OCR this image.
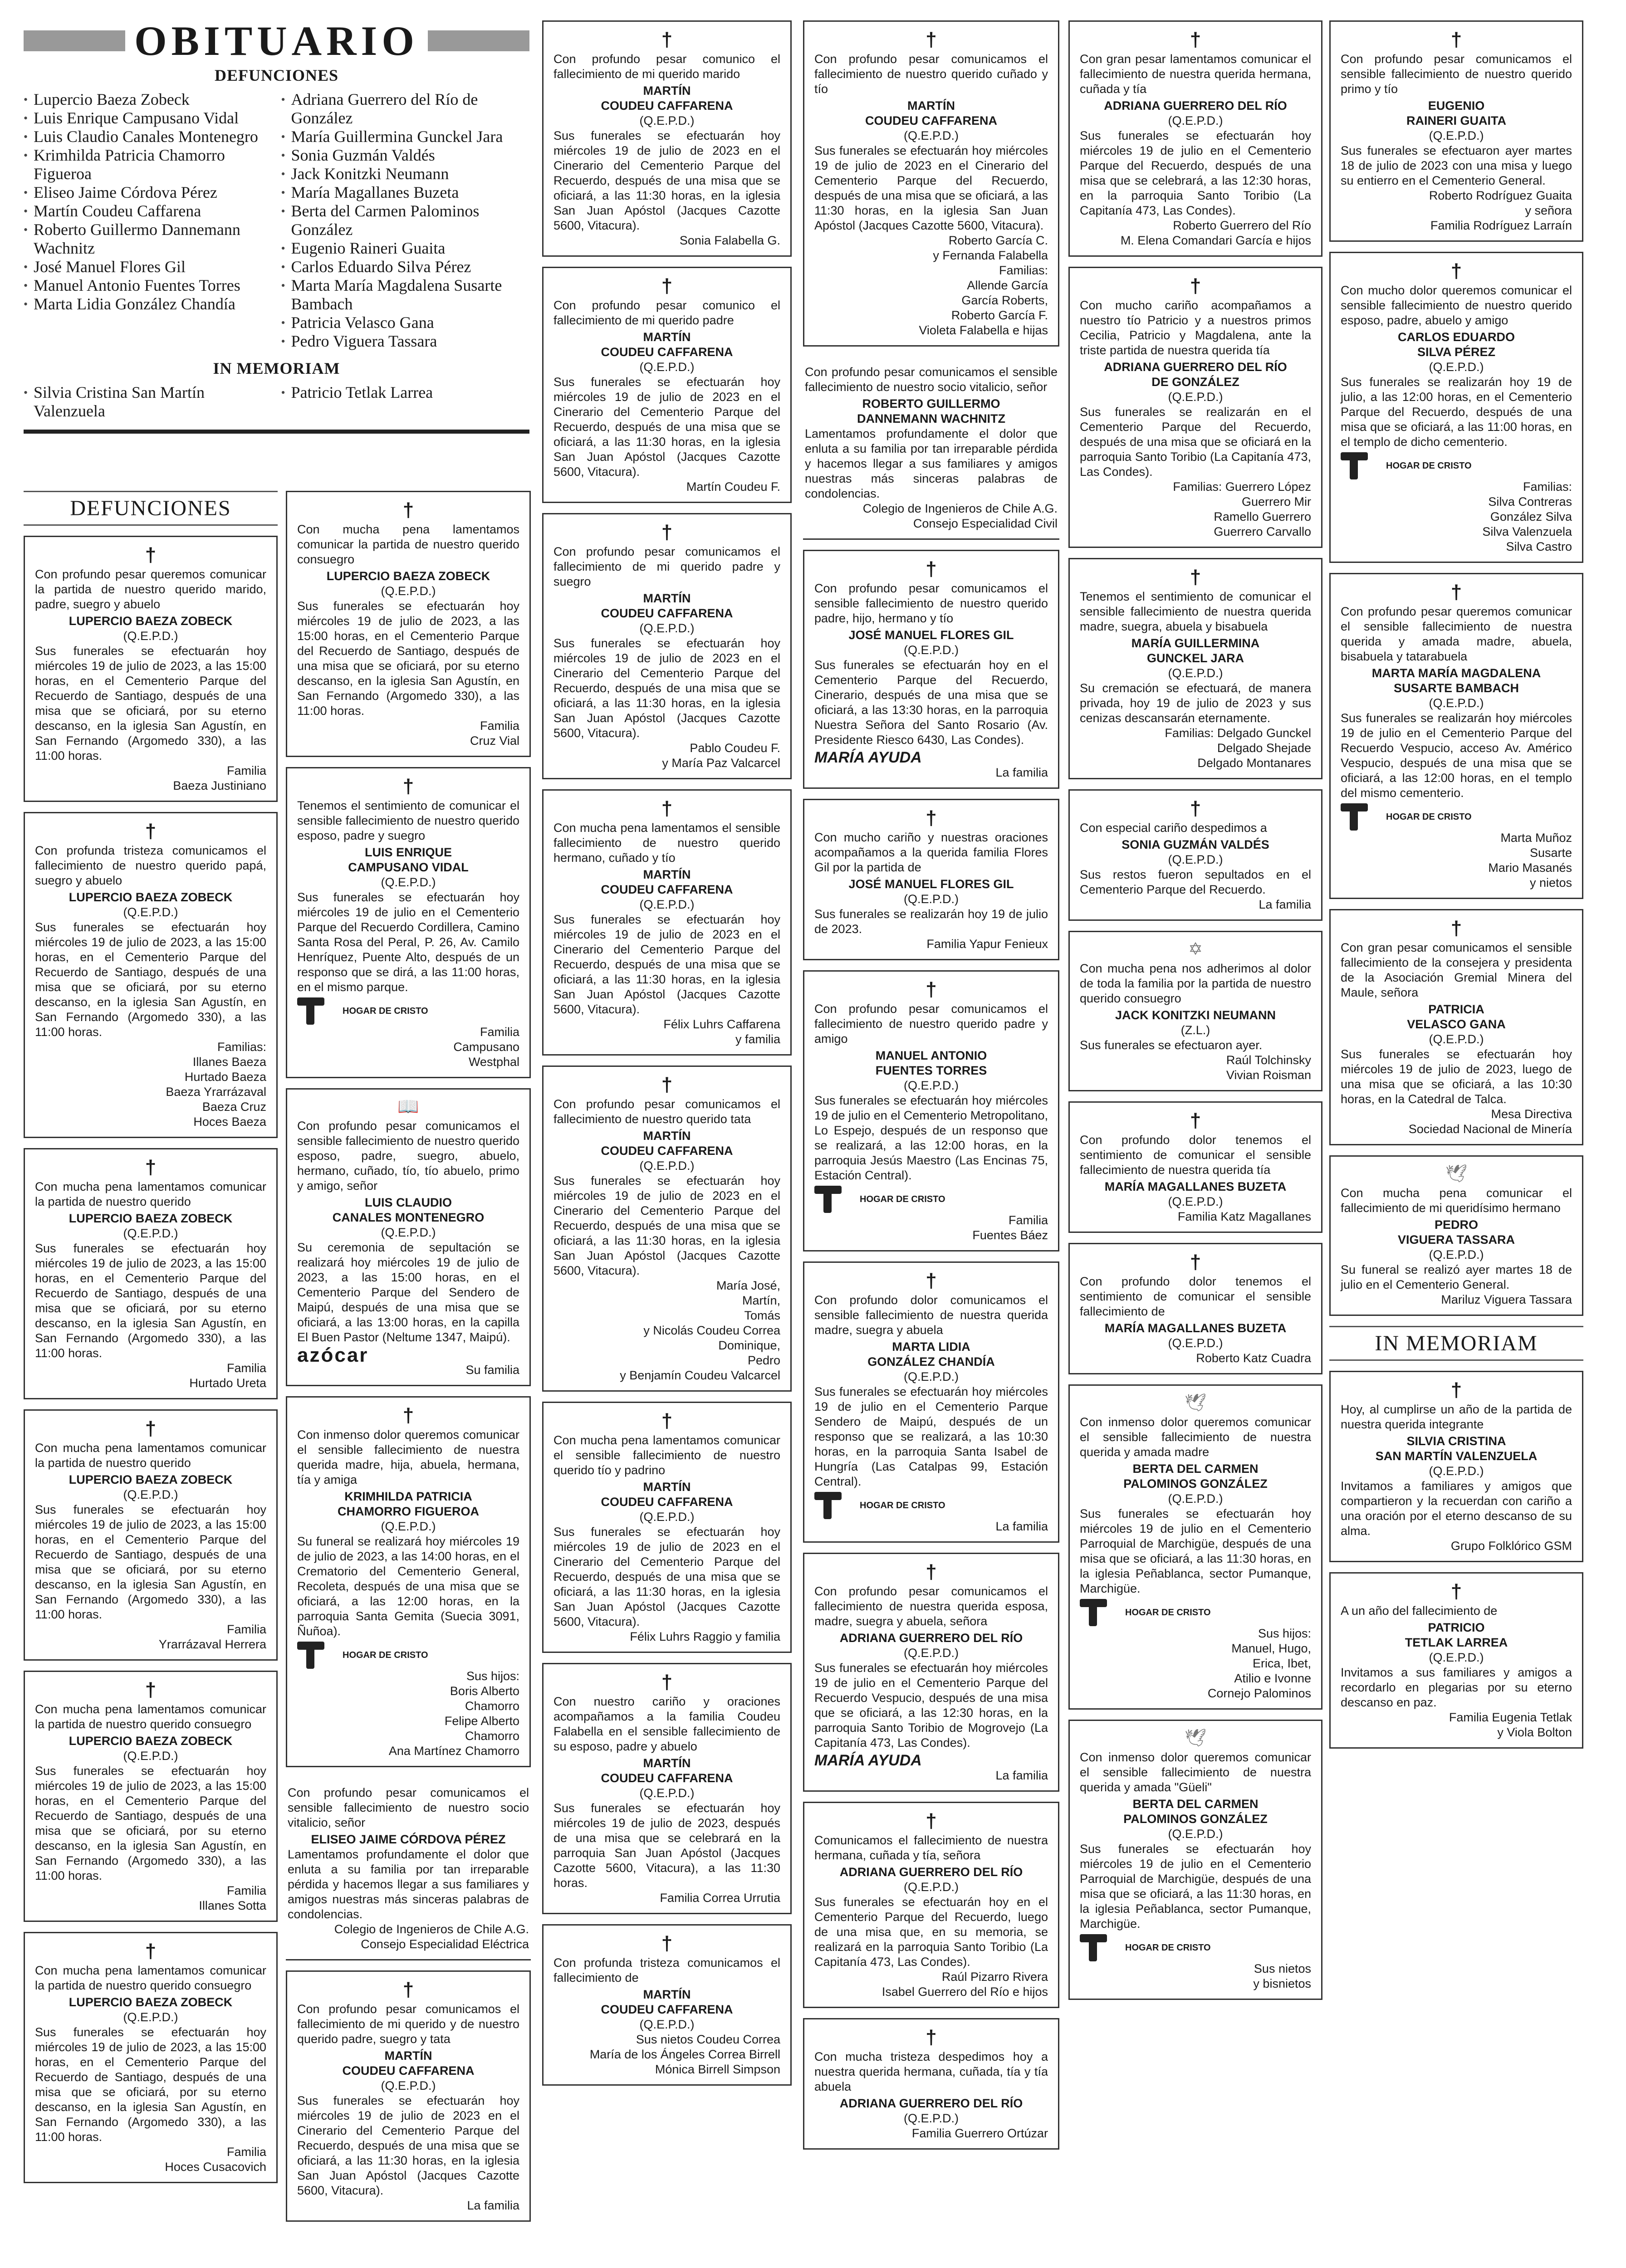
OBITUARIO
DEFUNCIONES
• Lupercio Baeza Zobeck
• Luis Enrique Campusano Vidal
• Luis Claudio Canales Montenegro
• Krimhilda Patricia Chamorro Figueroa
• Eliseo Jaime Córdova Pérez
• Martín Coudeu Caffarena
• Roberto Guillermo Dannemann Wachnitz
• José Manuel Flores Gil
• Manuel Antonio Fuentes Torres
• Marta Lidia González Chandía
• Adriana Guerrero del Río de González
• María Guillermina Gunckel Jara
• Sonia Guzmán Valdés
• Jack Konitzki Neumann
• María Magallanes Buzeta
• Berta del Carmen Palominos González
• Eugenio Raineri Guaita
• Carlos Eduardo Silva Pérez
• Marta María Magdalena Susarte Bambach
• Patricia Velasco Gana
• Pedro Viguera Tassara
IN MEMORIAM
• Silvia Cristina San Martín Valenzuela
• Patricio Tetlak Larrea
DEFUNCIONES
†
Con profundo pesar queremos comunicar la partida de nuestro querido marido, padre, suegro y abuelo
LUPERCIO BAEZA ZOBECK
(Q.E.P.D.)
Sus funerales se efectuarán hoy miércoles 19 de julio de 2023, a las 15:00 horas, en el Cementerio Parque del Recuerdo de Santiago, después de una misa que se oficiará, por su eterno descanso, en la iglesia San Agustín, en San Fernando (Argomedo 330), a las 11:00 horas.
Familia
Baeza Justiniano
†
Con profunda tristeza comunicamos el fallecimiento de nuestro querido papá, suegro y abuelo
LUPERCIO BAEZA ZOBECK
(Q.E.P.D.)
Sus funerales se efectuarán hoy miércoles 19 de julio de 2023, a las 15:00 horas, en el Cementerio Parque del Recuerdo de Santiago, después de una misa que se oficiará, por su eterno descanso, en la iglesia San Agustín, en San Fernando (Argomedo 330), a las 11:00 horas.
Familias:
Illanes Baeza
Hurtado Baeza
Baeza Yrarrázaval
Baeza Cruz
Hoces Baeza
†
Con mucha pena lamentamos comunicar la partida de nuestro querido
LUPERCIO BAEZA ZOBECK
(Q.E.P.D.)
Sus funerales se efectuarán hoy miércoles 19 de julio de 2023, a las 15:00 horas, en el Cementerio Parque del Recuerdo de Santiago, después de una misa que se oficiará, por su eterno descanso, en la iglesia San Agustín, en San Fernando (Argomedo 330), a las 11:00 horas.
Familia
Hurtado Ureta
†
Con mucha pena lamentamos comunicar la partida de nuestro querido
LUPERCIO BAEZA ZOBECK
(Q.E.P.D.)
Sus funerales se efectuarán hoy miércoles 19 de julio de 2023, a las 15:00 horas, en el Cementerio Parque del Recuerdo de Santiago, después de una misa que se oficiará, por su eterno descanso, en la iglesia San Agustín, en San Fernando (Argomedo 330), a las 11:00 horas.
Familia
Yrarrázaval Herrera
†
Con mucha pena lamentamos comunicar la partida de nuestro querido consuegro
LUPERCIO BAEZA ZOBECK
(Q.E.P.D.)
Sus funerales se efectuarán hoy miércoles 19 de julio de 2023, a las 15:00 horas, en el Cementerio Parque del Recuerdo de Santiago, después de una misa que se oficiará, por su eterno descanso, en la iglesia San Agustín, en San Fernando (Argomedo 330), a las 11:00 horas.
Familia
Illanes Sotta
†
Con mucha pena lamentamos comunicar la partida de nuestro querido consuegro
LUPERCIO BAEZA ZOBECK
(Q.E.P.D.)
Sus funerales se efectuarán hoy miércoles 19 de julio de 2023, a las 15:00 horas, en el Cementerio Parque del Recuerdo de Santiago, después de una misa que se oficiará, por su eterno descanso, en la iglesia San Agustín, en San Fernando (Argomedo 330), a las 11:00 horas.
Familia
Hoces Cusacovich
†
Con mucha pena lamentamos comunicar la partida de nuestro querido consuegro
LUPERCIO BAEZA ZOBECK
(Q.E.P.D.)
Sus funerales se efectuarán hoy miércoles 19 de julio de 2023, a las 15:00 horas, en el Cementerio Parque del Recuerdo de Santiago, después de una misa que se oficiará, por su eterno descanso, en la iglesia San Agustín, en San Fernando (Argomedo 330), a las 11:00 horas.
Familia
Cruz Vial
†
Tenemos el sentimiento de comunicar el sensible fallecimiento de nuestro querido esposo, padre y suegro
LUIS ENRIQUE
CAMPUSANO VIDAL
(Q.E.P.D.)
Sus funerales se efectuarán hoy miércoles 19 de julio en el Cementerio Parque del Recuerdo Cordillera, Camino Santa Rosa del Peral, P. 26, Av. Camilo Henríquez, Puente Alto, después de un responso que se dirá, a las 11:00 horas, en el mismo parque.
HOGAR DE CRISTO
Familia
Campusano
Westphal
📖
Con profundo pesar comunicamos el sensible fallecimiento de nuestro querido esposo, padre, suegro, abuelo, hermano, cuñado, tío, tío abuelo, primo y amigo, señor
LUIS CLAUDIO
CANALES MONTENEGRO
(Q.E.P.D.)
Su ceremonia de sepultación se realizará hoy miércoles 19 de julio de 2023, a las 15:00 horas, en el Cementerio Parque del Sendero de Maipú, después de una misa que se oficiará, a las 13:00 horas, en la capilla El Buen Pastor (Neltume 1347, Maipú).
azócar
Su familia
†
Con inmenso dolor queremos comunicar el sensible fallecimiento de nuestra querida madre, hija, abuela, hermana, tía y amiga
KRIMHILDA PATRICIA
CHAMORRO FIGUEROA
(Q.E.P.D.)
Su funeral se realizará hoy miércoles 19 de julio de 2023, a las 14:00 horas, en el Crematorio del Cementerio General, Recoleta, después de una misa que se oficiará, a las 12:00 horas, en la parroquia Santa Gemita (Suecia 3091, Ñuñoa).
HOGAR DE CRISTO
Sus hijos:
Boris Alberto
Chamorro
Felipe Alberto
Chamorro
Ana Martínez Chamorro
Con profundo pesar comunicamos el sensible fallecimiento de nuestro socio vitalicio, señor
ELISEO JAIME CÓRDOVA PÉREZ
Lamentamos profundamente el dolor que enluta a su familia por tan irreparable pérdida y hacemos llegar a sus familiares y amigos nuestras más sinceras palabras de condolencias.
Colegio de Ingenieros de Chile A.G.
Consejo Especialidad Eléctrica
†
Con profundo pesar comunicamos el fallecimiento de mi querido y de nuestro querido padre, suegro y tata
MARTÍN
COUDEU CAFFARENA
(Q.E.P.D.)
Sus funerales se efectuarán hoy miércoles 19 de julio de 2023 en el Cinerario del Cementerio Parque del Recuerdo, después de una misa que se oficiará, a las 11:30 horas, en la iglesia San Juan Apóstol (Jacques Cazotte 5600, Vitacura).
La familia
†
Con profundo pesar comunico el fallecimiento de mi querido marido
MARTÍN
COUDEU CAFFARENA
(Q.E.P.D.)
Sus funerales se efectuarán hoy miércoles 19 de julio de 2023 en el Cinerario del Cementerio Parque del Recuerdo, después de una misa que se oficiará, a las 11:30 horas, en la iglesia San Juan Apóstol (Jacques Cazotte 5600, Vitacura).
Sonia Falabella G.
†
Con profundo pesar comunico el fallecimiento de mi querido padre
MARTÍN
COUDEU CAFFARENA
(Q.E.P.D.)
Sus funerales se efectuarán hoy miércoles 19 de julio de 2023 en el Cinerario del Cementerio Parque del Recuerdo, después de una misa que se oficiará, a las 11:30 horas, en la iglesia San Juan Apóstol (Jacques Cazotte 5600, Vitacura).
Martín Coudeu F.
†
Con profundo pesar comunicamos el fallecimiento de mi querido padre y suegro
MARTÍN
COUDEU CAFFARENA
(Q.E.P.D.)
Sus funerales se efectuarán hoy miércoles 19 de julio de 2023 en el Cinerario del Cementerio Parque del Recuerdo, después de una misa que se oficiará, a las 11:30 horas, en la iglesia San Juan Apóstol (Jacques Cazotte 5600, Vitacura).
Pablo Coudeu F.
y María Paz Valcarcel
†
Con mucha pena lamentamos el sensible fallecimiento de nuestro querido hermano, cuñado y tío
MARTÍN
COUDEU CAFFARENA
(Q.E.P.D.)
Sus funerales se efectuarán hoy miércoles 19 de julio de 2023 en el Cinerario del Cementerio Parque del Recuerdo, después de una misa que se oficiará, a las 11:30 horas, en la iglesia San Juan Apóstol (Jacques Cazotte 5600, Vitacura).
Félix Luhrs Caffarena
y familia
†
Con profundo pesar comunicamos el fallecimiento de nuestro querido tata
MARTÍN
COUDEU CAFFARENA
(Q.E.P.D.)
Sus funerales se efectuarán hoy miércoles 19 de julio de 2023 en el Cinerario del Cementerio Parque del Recuerdo, después de una misa que se oficiará, a las 11:30 horas, en la iglesia San Juan Apóstol (Jacques Cazotte 5600, Vitacura).
María José,
Martín,
Tomás
y Nicolás Coudeu Correa
Dominique,
Pedro
y Benjamín Coudeu Valcarcel
†
Con mucha pena lamentamos comunicar el sensible fallecimiento de nuestro querido tío y padrino
MARTÍN
COUDEU CAFFARENA
(Q.E.P.D.)
Sus funerales se efectuarán hoy miércoles 19 de julio de 2023 en el Cinerario del Cementerio Parque del Recuerdo, después de una misa que se oficiará, a las 11:30 horas, en la iglesia San Juan Apóstol (Jacques Cazotte 5600, Vitacura).
Félix Luhrs Raggio y familia
†
Con nuestro cariño y oraciones acompañamos a la familia Coudeu Falabella en el sensible fallecimiento de su esposo, padre y abuelo
MARTÍN
COUDEU CAFFARENA
(Q.E.P.D.)
Sus funerales se efectuarán hoy miércoles 19 de julio de 2023, después de una misa que se celebrará en la parroquia San Juan Apóstol (Jacques Cazotte 5600, Vitacura), a las 11:30 horas.
Familia Correa Urrutia
†
Con profunda tristeza comunicamos el fallecimiento de
MARTÍN
COUDEU CAFFARENA
(Q.E.P.D.)
Sus nietos Coudeu Correa
María de los Ángeles Correa Birrell
Mónica Birrell Simpson
†
Con profundo pesar comunicamos el fallecimiento de nuestro querido cuñado y tío
MARTÍN
COUDEU CAFFARENA
(Q.E.P.D.)
Sus funerales se efectuarán hoy miércoles 19 de julio de 2023 en el Cinerario del Cementerio Parque del Recuerdo, después de una misa que se oficiará, a las 11:30 horas, en la iglesia San Juan Apóstol (Jacques Cazotte 5600, Vitacura).
Roberto García C.
y Fernanda Falabella
Familias:
Allende García
García Roberts,
Roberto García F.
Violeta Falabella e hijas
Con profundo pesar comunicamos el sensible fallecimiento de nuestro socio vitalicio, señor
ROBERTO GUILLERMO
DANNEMANN WACHNITZ
Lamentamos profundamente el dolor que enluta a su familia por tan irreparable pérdida y hacemos llegar a sus familiares y amigos nuestras más sinceras palabras de condolencias.
Colegio de Ingenieros de Chile A.G.
Consejo Especialidad Civil
†
Con profundo pesar comunicamos el sensible fallecimiento de nuestro querido padre, hijo, hermano y tío
JOSÉ MANUEL FLORES GIL
(Q.E.P.D.)
Sus funerales se efectuarán hoy en el Cementerio Parque del Recuerdo, Cinerario, después de una misa que se oficiará, a las 13:30 horas, en la parroquia Nuestra Señora del Santo Rosario (Av. Presidente Riesco 6430, Las Condes).
MARÍA AYUDA
La familia
†
Con mucho cariño y nuestras oraciones acompañamos a la querida familia Flores Gil por la partida de
JOSÉ MANUEL FLORES GIL
(Q.E.P.D.)
Sus funerales se realizarán hoy 19 de julio de 2023.
Familia Yapur Fenieux
†
Con profundo pesar comunicamos el fallecimiento de nuestro querido padre y amigo
MANUEL ANTONIO
FUENTES TORRES
(Q.E.P.D.)
Sus funerales se efectuarán hoy miércoles 19 de julio en el Cementerio Metropolitano, Lo Espejo, después de un responso que se realizará, a las 12:00 horas, en la parroquia Jesús Maestro (Las Encinas 75, Estación Central).
HOGAR DE CRISTO
Familia
Fuentes Báez
†
Con profundo dolor comunicamos el sensible fallecimiento de nuestra querida madre, suegra y abuela
MARTA LIDIA
GONZÁLEZ CHANDÍA
(Q.E.P.D.)
Sus funerales se efectuarán hoy miércoles 19 de julio en el Cementerio Parque Sendero de Maipú, después de un responso que se realizará, a las 10:30 horas, en la parroquia Santa Isabel de Hungría (Las Catalpas 99, Estación Central).
HOGAR DE CRISTO
La familia
†
Con profundo pesar comunicamos el fallecimiento de nuestra querida esposa, madre, suegra y abuela, señora
ADRIANA GUERRERO DEL RÍO
(Q.E.P.D.)
Sus funerales se efectuarán hoy miércoles 19 de julio en el Cementerio Parque del Recuerdo Vespucio, después de una misa que se oficiará, a las 12:30 horas, en la parroquia Santo Toribio de Mogrovejo (La Capitanía 473, Las Condes).
MARÍA AYUDA
La familia
†
Comunicamos el fallecimiento de nuestra hermana, cuñada y tía, señora
ADRIANA GUERRERO DEL RÍO
(Q.E.P.D.)
Sus funerales se efectuarán hoy en el Cementerio Parque del Recuerdo, luego de una misa que, en su memoria, se realizará en la parroquia Santo Toribio (La Capitanía 473, Las Condes).
Raúl Pizarro Rivera
Isabel Guerrero del Río e hijos
†
Con mucha tristeza despedimos hoy a nuestra querida hermana, cuñada, tía y tía abuela
ADRIANA GUERRERO DEL RÍO
(Q.E.P.D.)
Familia Guerrero Ortúzar
†
Con gran pesar lamentamos comunicar el fallecimiento de nuestra querida hermana, cuñada y tía
ADRIANA GUERRERO DEL RÍO
(Q.E.P.D.)
Sus funerales se efectuarán hoy miércoles 19 de julio en el Cementerio Parque del Recuerdo, después de una misa que se celebrará, a las 12:30 horas, en la parroquia Santo Toribio (La Capitanía 473, Las Condes).
Roberto Guerrero del Río
M. Elena Comandari García e hijos
†
Con mucho cariño acompañamos a nuestro tío Patricio y a nuestros primos Cecilia, Patricio y Magdalena, ante la triste partida de nuestra querida tía
ADRIANA GUERRERO DEL RÍO
DE GONZÁLEZ
(Q.E.P.D.)
Sus funerales se realizarán en el Cementerio Parque del Recuerdo, después de una misa que se oficiará en la parroquia Santo Toribio (La Capitanía 473, Las Condes).
Familias: Guerrero López
Guerrero Mir
Ramello Guerrero
Guerrero Carvallo
†
Tenemos el sentimiento de comunicar el sensible fallecimiento de nuestra querida madre, suegra, abuela y bisabuela
MARÍA GUILLERMINA
GUNCKEL JARA
(Q.E.P.D.)
Su cremación se efectuará, de manera privada, hoy 19 de julio de 2023 y sus cenizas descansarán eternamente.
Familias: Delgado Gunckel
Delgado Shejade
Delgado Montanares
†
Con especial cariño despedimos a
SONIA GUZMÁN VALDÉS
(Q.E.P.D.)
Sus restos fueron sepultados en el Cementerio Parque del Recuerdo.
La familia
✡
Con mucha pena nos adherimos al dolor de toda la familia por la partida de nuestro querido consuegro
JACK KONITZKI NEUMANN
(Z.L.)
Sus funerales se efectuaron ayer.
Raúl Tolchinsky
Vivian Roisman
†
Con profundo dolor tenemos el sentimiento de comunicar el sensible fallecimiento de nuestra querida tía
MARÍA MAGALLANES BUZETA
(Q.E.P.D.)
Familia Katz Magallanes
†
Con profundo dolor tenemos el sentimiento de comunicar el sensible fallecimiento de
MARÍA MAGALLANES BUZETA
(Q.E.P.D.)
Roberto Katz Cuadra
🕊
Con inmenso dolor queremos comunicar el sensible fallecimiento de nuestra querida y amada madre
BERTA DEL CARMEN
PALOMINOS GONZÁLEZ
(Q.E.P.D.)
Sus funerales se efectuarán hoy miércoles 19 de julio en el Cementerio Parroquial de Marchigüe, después de una misa que se oficiará, a las 11:30 horas, en la iglesia Peñablanca, sector Pumanque, Marchigüe.
HOGAR DE CRISTO
Sus hijos:
Manuel, Hugo,
Erica, Ibet,
Atilio e Ivonne
Cornejo Palominos
🕊
Con inmenso dolor queremos comunicar el sensible fallecimiento de nuestra querida y amada "Güeli"
BERTA DEL CARMEN
PALOMINOS GONZÁLEZ
(Q.E.P.D.)
Sus funerales se efectuarán hoy miércoles 19 de julio en el Cementerio Parroquial de Marchigüe, después de una misa que se oficiará, a las 11:30 horas, en la iglesia Peñablanca, sector Pumanque, Marchigüe.
HOGAR DE CRISTO
Sus nietos
y bisnietos
†
Con profundo pesar comunicamos el sensible fallecimiento de nuestro querido primo y tío
EUGENIO
RAINERI GUAITA
(Q.E.P.D.)
Sus funerales se efectuaron ayer martes 18 de julio de 2023 con una misa y luego su entierro en el Cementerio General.
Roberto Rodríguez Guaita
y señora
Familia Rodríguez Larraín
†
Con mucho dolor queremos comunicar el sensible fallecimiento de nuestro querido esposo, padre, abuelo y amigo
CARLOS EDUARDO
SILVA PÉREZ
(Q.E.P.D.)
Sus funerales se realizarán hoy 19 de julio, a las 12:00 horas, en el Cementerio Parque del Recuerdo, después de una misa que se oficiará, a las 11:00 horas, en el templo de dicho cementerio.
HOGAR DE CRISTO
Familias:
Silva Contreras
González Silva
Silva Valenzuela
Silva Castro
†
Con profundo pesar queremos comunicar el sensible fallecimiento de nuestra querida y amada madre, abuela, bisabuela y tatarabuela
MARTA MARÍA MAGDALENA
SUSARTE BAMBACH
(Q.E.P.D.)
Sus funerales se realizarán hoy miércoles 19 de julio en el Cementerio Parque del Recuerdo Vespucio, acceso Av. Américo Vespucio, después de una misa que se oficiará, a las 12:00 horas, en el templo del mismo cementerio.
HOGAR DE CRISTO
Marta Muñoz
Susarte
Mario Masanés
y nietos
†
Con gran pesar comunicamos el sensible fallecimiento de la consejera y presidenta de la Asociación Gremial Minera del Maule, señora
PATRICIA
VELASCO GANA
(Q.E.P.D.)
Sus funerales se efectuarán hoy miércoles 19 de julio de 2023, luego de una misa que se oficiará, a las 10:30 horas, en la Catedral de Talca.
Mesa Directiva
Sociedad Nacional de Minería
🕊
Con mucha pena comunicar el fallecimiento de mi queridísimo hermano
PEDRO
VIGUERA TASSARA
(Q.E.P.D.)
Su funeral se realizó ayer martes 18 de julio en el Cementerio General.
Mariluz Viguera Tassara
IN MEMORIAM
†
Hoy, al cumplirse un año de la partida de nuestra querida integrante
SILVIA CRISTINA
SAN MARTÍN VALENZUELA
(Q.E.P.D.)
Invitamos a familiares y amigos que compartieron y la recuerdan con cariño a una oración por el eterno descanso de su alma.
Grupo Folklórico GSM
†
A un año del fallecimiento de
PATRICIO
TETLAK LARREA
(Q.E.P.D.)
Invitamos a sus familiares y amigos a recordarlo en plegarias por su eterno descanso en paz.
Familia Eugenia Tetlak
y Viola Bolton
